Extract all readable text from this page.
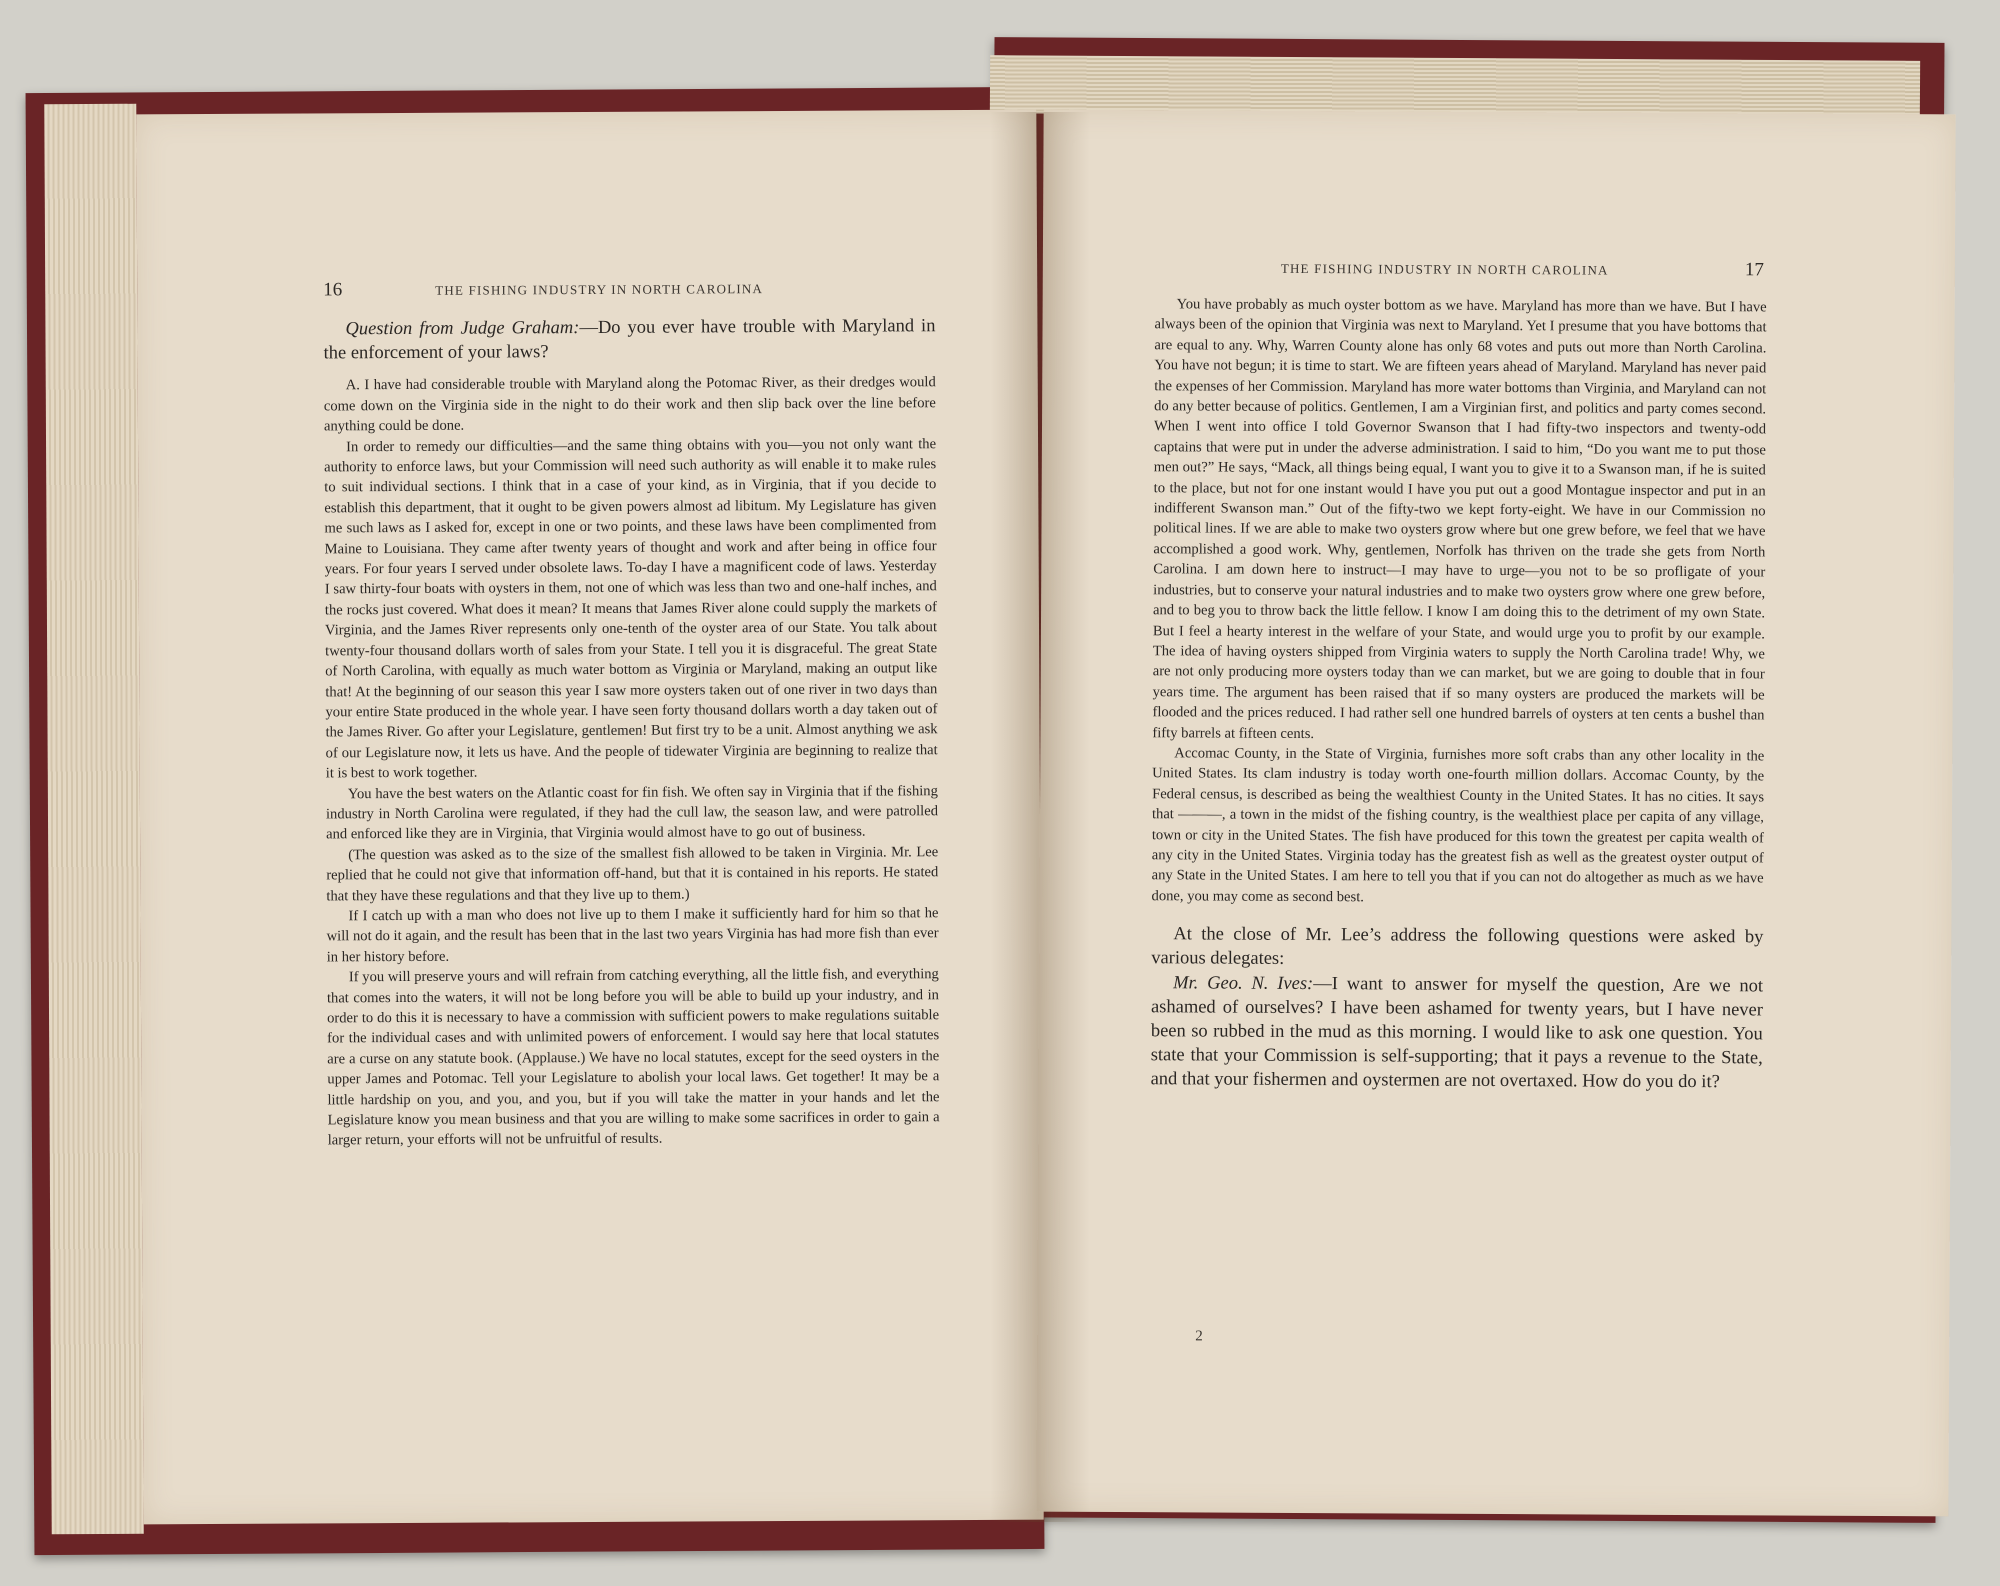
16	THE FISHING INDUSTRY IN NORTH CAROLINA

Question from Judge Graham:—Do you ever have trouble with Maryland in the enforcement of your laws?

A. I have had considerable trouble with Maryland along the Potomac River, as their dredges would come down on the Virginia side in the night to do their work and then slip back over the line before anything could be done.

In order to remedy our difficulties—and the same thing obtains with you—you not only want the authority to enforce laws, but your Commission will need such authority as will enable it to make rules to suit individual sections. I think that in a case of your kind, as in Virginia, that if you decide to establish this department, that it ought to be given powers almost ad libitum. My Legislature has given me such laws as I asked for, except in one or two points, and these laws have been complimented from Maine to Louisiana. They came after twenty years of thought and work and after being in office four years. For four years I served under obsolete laws. To-day I have a magnificent code of laws. Yesterday I saw thirty-four boats with oysters in them, not one of which was less than two and one-half inches, and the rocks just covered. What does it mean? It means that James River alone could supply the markets of Virginia, and the James River represents only one-tenth of the oyster area of our State. You talk about twenty-four thousand dollars worth of sales from your State. I tell you it is disgraceful. The great State of North Carolina, with equally as much water bottom as Virginia or Maryland, making an output like that! At the beginning of our season this year I saw more oysters taken out of one river in two days than your entire State produced in the whole year. I have seen forty thousand dollars worth a day taken out of the James River. Go after your Legislature, gentlemen! But first try to be a unit. Almost anything we ask of our Legislature now, it lets us have. And the people of tidewater Virginia are beginning to realize that it is best to work together.

You have the best waters on the Atlantic coast for fin fish. We often say in Virginia that if the fishing industry in North Carolina were regulated, if they had the cull law, the season law, and were patrolled and enforced like they are in Virginia, that Virginia would almost have to go out of business.

(The question was asked as to the size of the smallest fish allowed to be taken in Virginia. Mr. Lee replied that he could not give that information off-hand, but that it is contained in his reports. He stated that they have these regulations and that they live up to them.)

If I catch up with a man who does not live up to them I make it sufficiently hard for him so that he will not do it again, and the result has been that in the last two years Virginia has had more fish than ever in her history before.

If you will preserve yours and will refrain from catching everything, all the little fish, and everything that comes into the waters, it will not be long before you will be able to build up your industry, and in order to do this it is necessary to have a commission with sufficient powers to make regulations suitable for the individual cases and with unlimited powers of enforcement. I would say here that local statutes are a curse on any statute book. (Applause.) We have no local statutes, except for the seed oysters in the upper James and Potomac. Tell your Legislature to abolish your local laws. Get together! It may be a little hardship on you, and you, and you, but if you will take the matter in your hands and let the Legislature know you mean business and that you are willing to make some sacrifices in order to gain a larger return, your efforts will not be unfruitful of results.

THE FISHING INDUSTRY IN NORTH CAROLINA	17

You have probably as much oyster bottom as we have. Maryland has more than we have. But I have always been of the opinion that Virginia was next to Maryland. Yet I presume that you have bottoms that are equal to any. Why, Warren County alone has only 68 votes and puts out more than North Carolina. You have not begun; it is time to start. We are fifteen years ahead of Maryland. Maryland has never paid the expenses of her Commission. Maryland has more water bottoms than Virginia, and Maryland can not do any better because of politics. Gentlemen, I am a Virginian first, and politics and party comes second. When I went into office I told Governor Swanson that I had fifty-two inspectors and twenty-odd captains that were put in under the adverse administration. I said to him, “Do you want me to put those men out?” He says, “Mack, all things being equal, I want you to give it to a Swanson man, if he is suited to the place, but not for one instant would I have you put out a good Montague inspector and put in an indifferent Swanson man.” Out of the fifty-two we kept forty-eight. We have in our Commission no political lines. If we are able to make two oysters grow where but one grew before, we feel that we have accomplished a good work. Why, gentlemen, Norfolk has thriven on the trade she gets from North Carolina. I am down here to instruct—I may have to urge—you not to be so profligate of your industries, but to conserve your natural industries and to make two oysters grow where one grew before, and to beg you to throw back the little fellow. I know I am doing this to the detriment of my own State. But I feel a hearty interest in the welfare of your State, and would urge you to profit by our example. The idea of having oysters shipped from Virginia waters to supply the North Carolina trade! Why, we are not only producing more oysters today than we can market, but we are going to double that in four years time. The argument has been raised that if so many oysters are produced the markets will be flooded and the prices reduced. I had rather sell one hundred barrels of oysters at ten cents a bushel than fifty barrels at fifteen cents.

Accomac County, in the State of Virginia, furnishes more soft crabs than any other locality in the United States. Its clam industry is today worth one-fourth million dollars. Accomac County, by the Federal census, is described as being the wealthiest County in the United States. It has no cities. It says that ———, a town in the midst of the fishing country, is the wealthiest place per capita of any village, town or city in the United States. The fish have produced for this town the greatest per capita wealth of any city in the United States. Virginia today has the greatest fish as well as the greatest oyster output of any State in the United States. I am here to tell you that if you can not do altogether as much as we have done, you may come as second best.

At the close of Mr. Lee’s address the following questions were asked by various delegates:

Mr. Geo. N. Ives:—I want to answer for myself the question, Are we not ashamed of ourselves? I have been ashamed for twenty years, but I have never been so rubbed in the mud as this morning. I would like to ask one question. You state that your Commission is self-supporting; that it pays a revenue to the State, and that your fishermen and oystermen are not overtaxed. How do you do it?

2
